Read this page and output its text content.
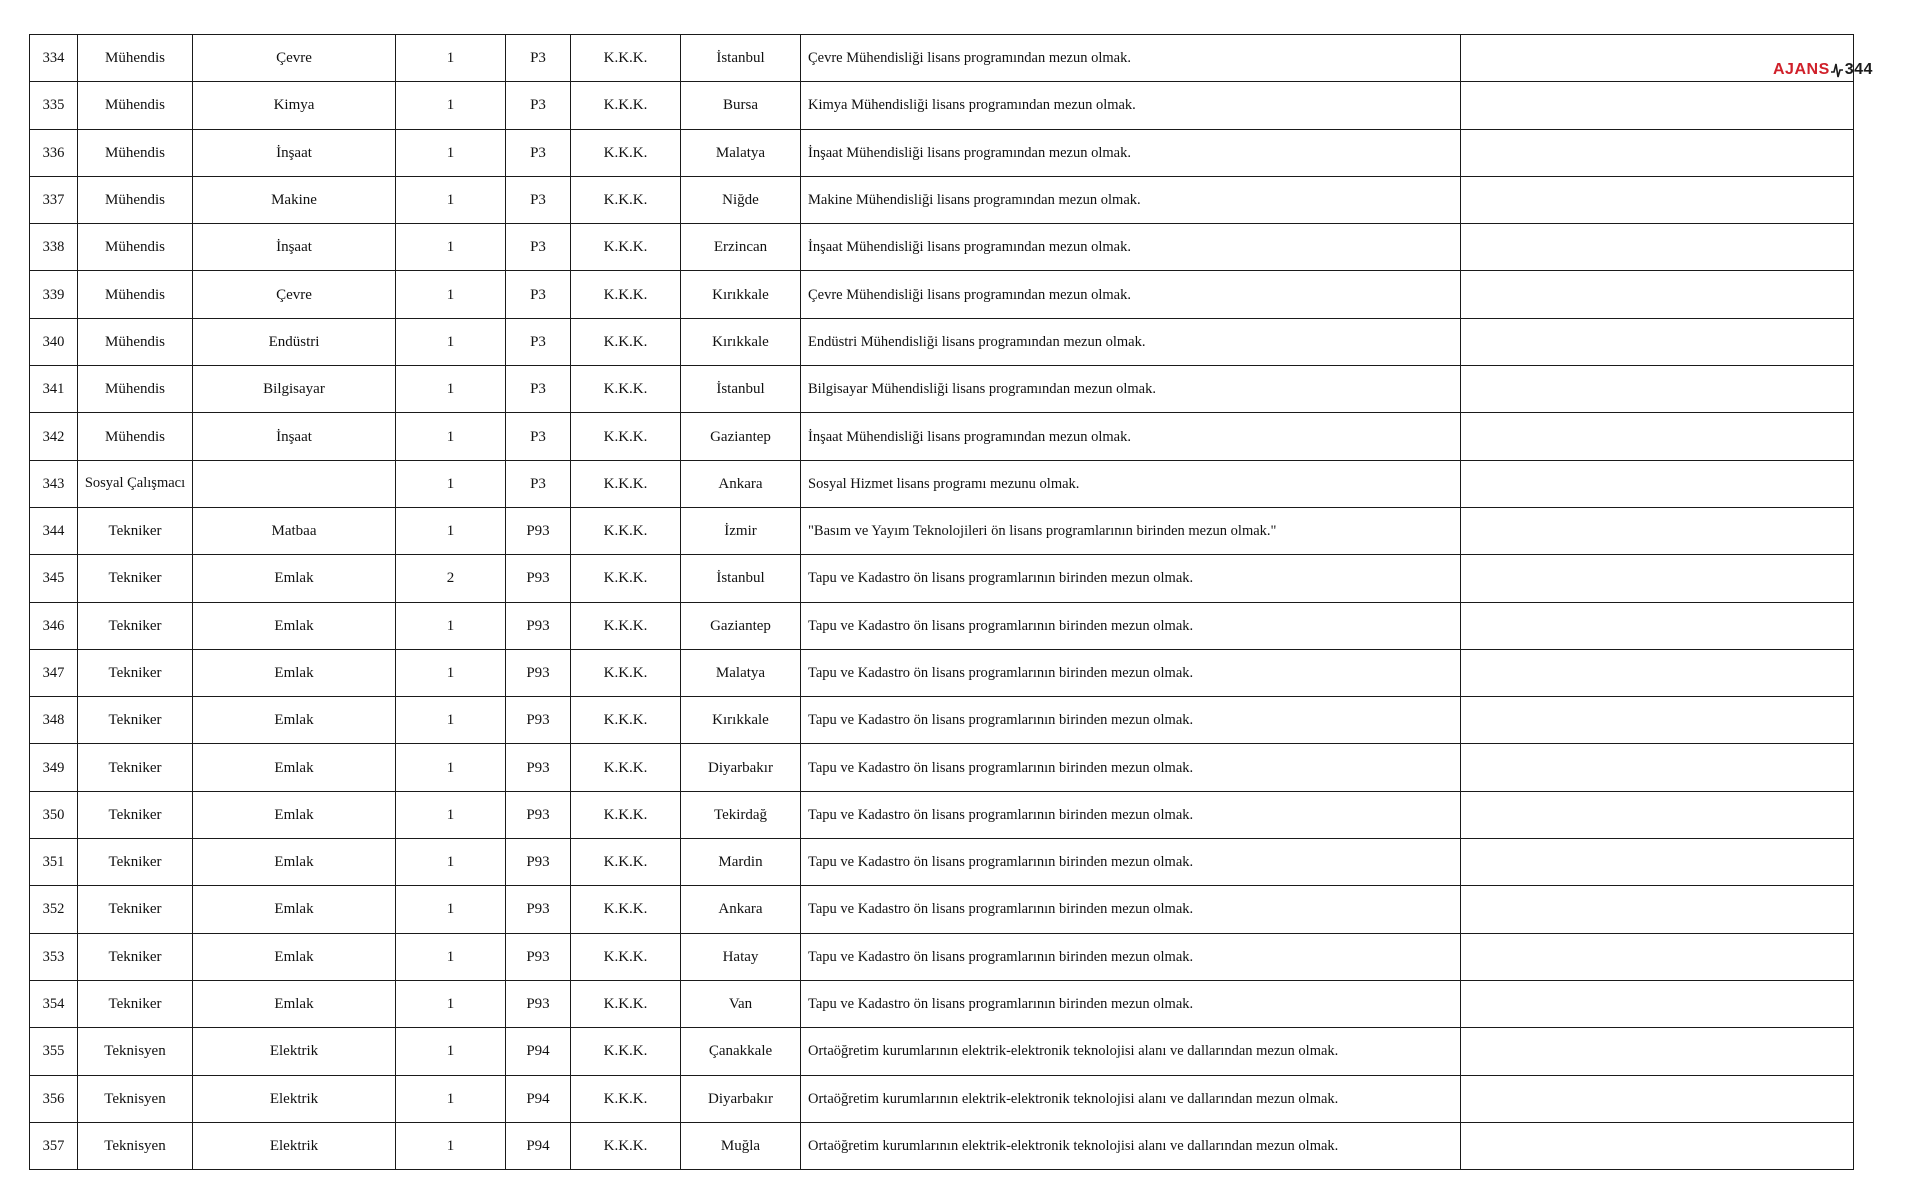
334	Mühendis	Çevre	1	P3	K.K.K.	İstanbul	Çevre Mühendisliği lisans programından mezun olmak.	
335	Mühendis	Kimya	1	P3	K.K.K.	Bursa	Kimya Mühendisliği lisans programından mezun olmak.	
336	Mühendis	İnşaat	1	P3	K.K.K.	Malatya	İnşaat Mühendisliği lisans programından mezun olmak.	
337	Mühendis	Makine	1	P3	K.K.K.	Niğde	Makine Mühendisliği lisans programından mezun olmak.	
338	Mühendis	İnşaat	1	P3	K.K.K.	Erzincan	İnşaat Mühendisliği lisans programından mezun olmak.	
339	Mühendis	Çevre	1	P3	K.K.K.	Kırıkkale	Çevre Mühendisliği lisans programından mezun olmak.	
340	Mühendis	Endüstri	1	P3	K.K.K.	Kırıkkale	Endüstri Mühendisliği lisans programından mezun olmak.	
341	Mühendis	Bilgisayar	1	P3	K.K.K.	İstanbul	Bilgisayar Mühendisliği lisans programından mezun olmak.	
342	Mühendis	İnşaat	1	P3	K.K.K.	Gaziantep	İnşaat Mühendisliği lisans programından mezun olmak.	
343	Sosyal Çalışmacı		1	P3	K.K.K.	Ankara	Sosyal Hizmet lisans programı mezunu olmak.	
344	Tekniker	Matbaa	1	P93	K.K.K.	İzmir	"Basım ve Yayım Teknolojileri ön lisans programlarının birinden mezun olmak."	
345	Tekniker	Emlak	2	P93	K.K.K.	İstanbul	Tapu ve Kadastro ön lisans programlarının birinden mezun olmak.	
346	Tekniker	Emlak	1	P93	K.K.K.	Gaziantep	Tapu ve Kadastro ön lisans programlarının birinden mezun olmak.	
347	Tekniker	Emlak	1	P93	K.K.K.	Malatya	Tapu ve Kadastro ön lisans programlarının birinden mezun olmak.	
348	Tekniker	Emlak	1	P93	K.K.K.	Kırıkkale	Tapu ve Kadastro ön lisans programlarının birinden mezun olmak.	
349	Tekniker	Emlak	1	P93	K.K.K.	Diyarbakır	Tapu ve Kadastro ön lisans programlarının birinden mezun olmak.	
350	Tekniker	Emlak	1	P93	K.K.K.	Tekirdağ	Tapu ve Kadastro ön lisans programlarının birinden mezun olmak.	
351	Tekniker	Emlak	1	P93	K.K.K.	Mardin	Tapu ve Kadastro ön lisans programlarının birinden mezun olmak.	
352	Tekniker	Emlak	1	P93	K.K.K.	Ankara	Tapu ve Kadastro ön lisans programlarının birinden mezun olmak.	
353	Tekniker	Emlak	1	P93	K.K.K.	Hatay	Tapu ve Kadastro ön lisans programlarının birinden mezun olmak.	
354	Tekniker	Emlak	1	P93	K.K.K.	Van	Tapu ve Kadastro ön lisans programlarının birinden mezun olmak.	
355	Teknisyen	Elektrik	1	P94	K.K.K.	Çanakkale	Ortaöğretim kurumlarının elektrik-elektronik teknolojisi alanı ve dallarından mezun olmak.	
356	Teknisyen	Elektrik	1	P94	K.K.K.	Diyarbakır	Ortaöğretim kurumlarının elektrik-elektronik teknolojisi alanı ve dallarından mezun olmak.	
357	Teknisyen	Elektrik	1	P94	K.K.K.	Muğla	Ortaöğretim kurumlarının elektrik-elektronik teknolojisi alanı ve dallarından mezun olmak.	
AJANS 344
